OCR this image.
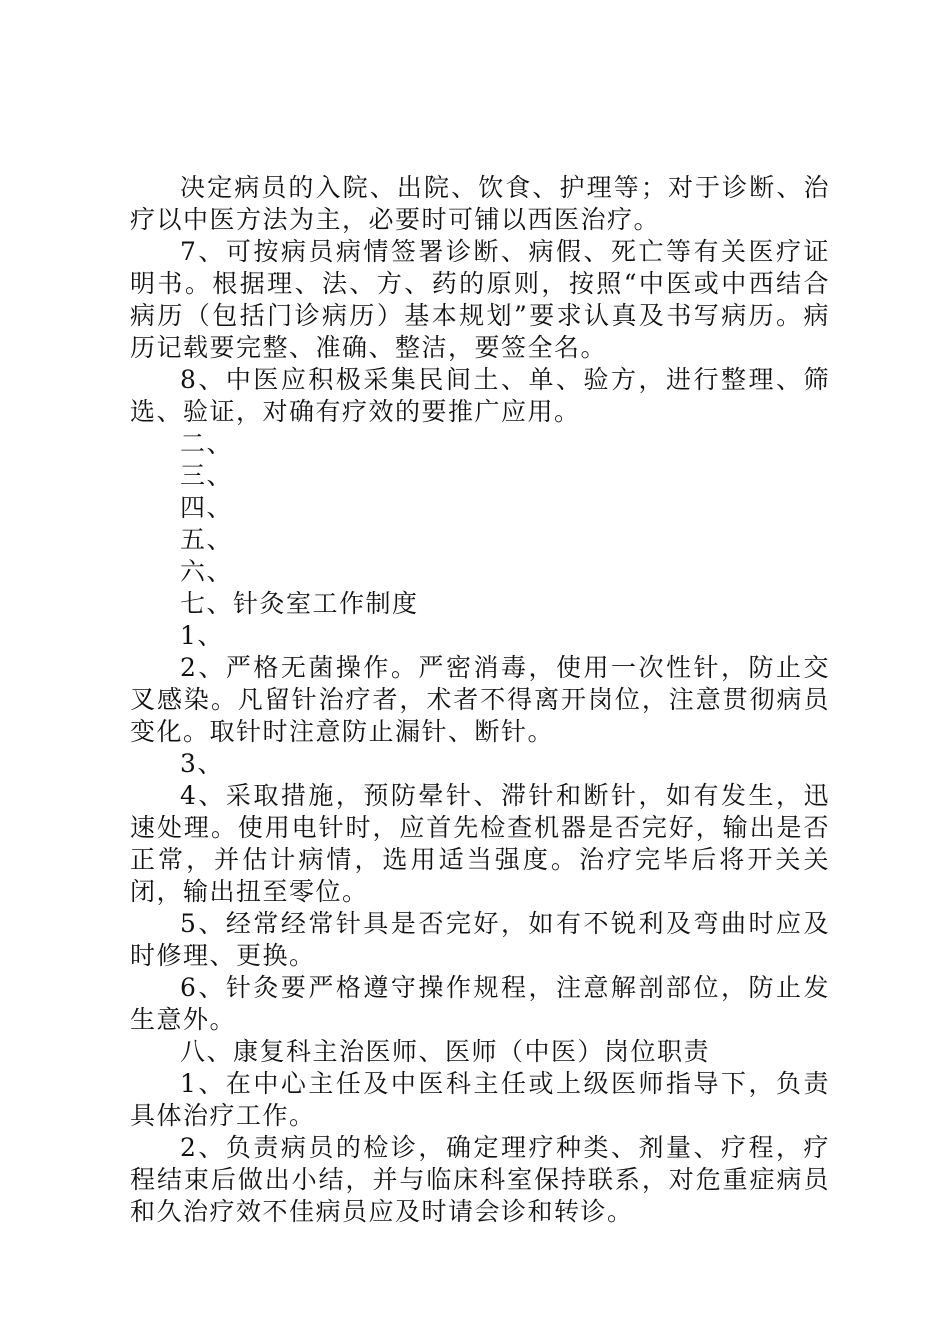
决定病员的入院、出院、饮食、护理等；对于诊断、治疗以中医方法为主，必要时可铺以西医治疗。

7、可按病员病情签署诊断、病假、死亡等有关医疗证明书。根据理、法、方、药的原则，按照“中医或中西结合病历（包括门诊病历）基本规划”要求认真及书写病历。病历记载要完整、准确、整洁，要签全名。

8、中医应积极采集民间土、单、验方，进行整理、筛选、验证，对确有疗效的要推广应用。

二、

三、

四、

五、

六、

七、针灸室工作制度

1、

2、严格无菌操作。严密消毒，使用一次性针，防止交叉感染。凡留针治疗者，术者不得离开岗位，注意贯彻病员变化。取针时注意防止漏针、断针。

3、

4、采取措施，预防晕针、滞针和断针，如有发生，迅速处理。使用电针时，应首先检查机器是否完好，输出是否正常，并估计病情，选用适当强度。治疗完毕后将开关关闭，输出扭至零位。

5、经常经常针具是否完好，如有不锐利及弯曲时应及时修理、更换。

6、针灸要严格遵守操作规程，注意解剖部位，防止发生意外。

八、康复科主治医师、医师（中医）岗位职责

1、在中心主任及中医科主任或上级医师指导下，负责具体治疗工作。

2、负责病员的检诊，确定理疗种类、剂量、疗程，疗程结束后做出小结，并与临床科室保持联系，对危重症病员和久治疗效不佳病员应及时请会诊和转诊。
